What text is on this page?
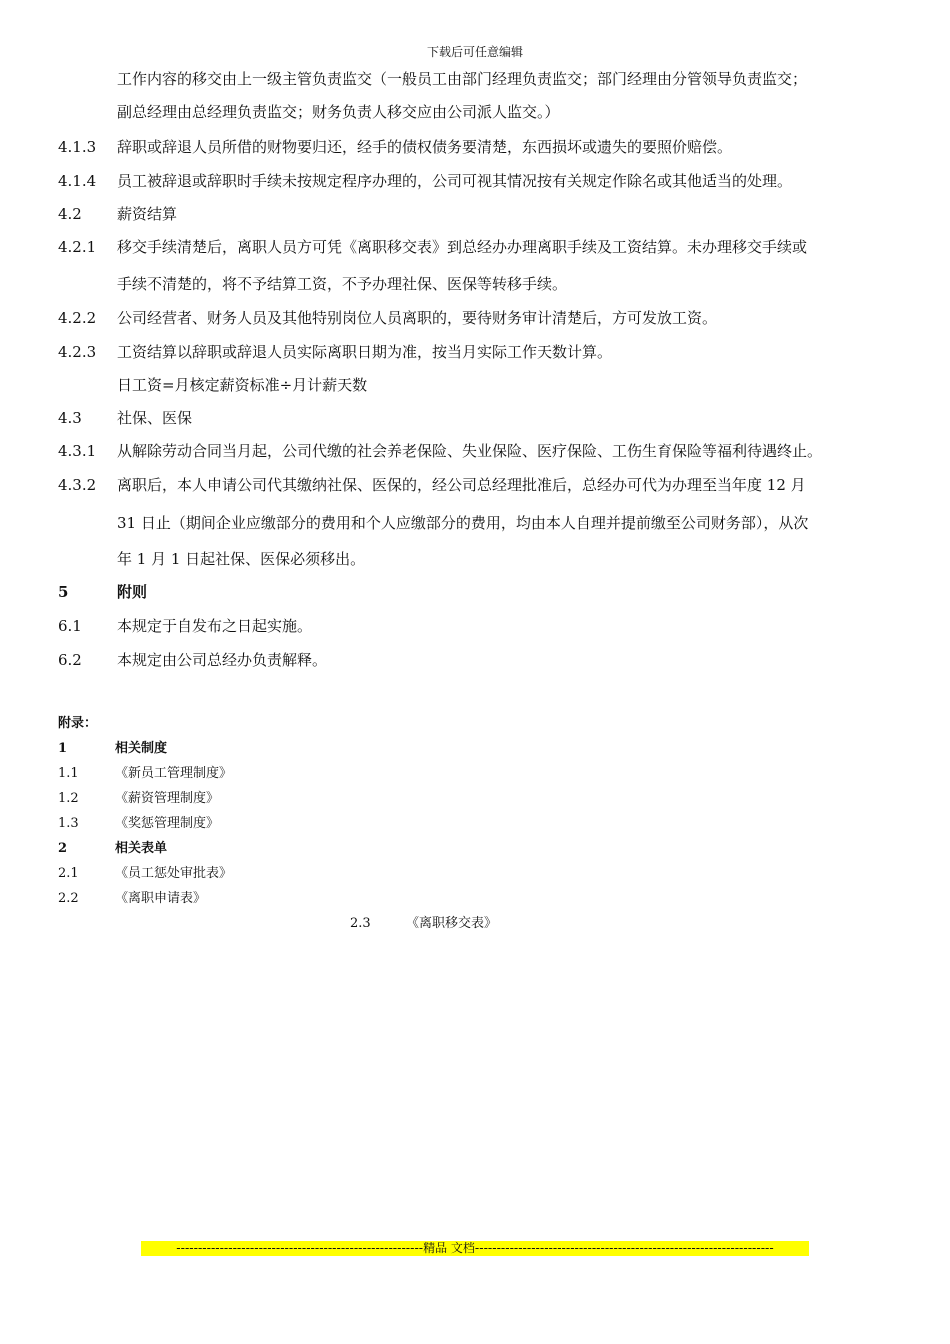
下载后可任意编辑
工作内容的移交由上一级主管负责监交（一般员工由部门经理负责监交；部门经理由分管领导负责监交；
副总经理由总经理负责监交；财务负责人移交应由公司派人监交。）
4.1.3 辞职或辞退人员所借的财物要归还，经手的债权债务要清楚，东西损坏或遗失的要照价赔偿。
4.1.4 员工被辞退或辞职时手续未按规定程序办理的，公司可视其情况按有关规定作除名或其他适当的处理。
4.2 薪资结算
4.2.1 移交手续清楚后，离职人员方可凭《离职移交表》到总经办办理离职手续及工资结算。未办理移交手续或
手续不清楚的，将不予结算工资，不予办理社保、医保等转移手续。
4.2.2 公司经营者、财务人员及其他特别岗位人员离职的，要待财务审计清楚后，方可发放工资。
4.2.3 工资结算以辞职或辞退人员实际离职日期为准，按当月实际工作天数计算。
日工资=月核定薪资标准÷月计薪天数
4.3 社保、医保
4.3.1 从解除劳动合同当月起，公司代缴的社会养老保险、失业保险、医疗保险、工伤生育保险等福利待遇终止。
4.3.2 离职后，本人申请公司代其缴纳社保、医保的，经公司总经理批准后，总经办可代为办理至当年度 12 月
31 日止（期间企业应缴部分的费用和个人应缴部分的费用，均由本人自理并提前缴至公司财务部），从次
年 1 月 1 日起社保、医保必须移出。
5	附则
6.1 本规定于自发布之日起实施。
6.2 本规定由公司总经办负责解释。
附录：
1	相关制度
1.1	《新员工管理制度》
1.2	《薪资管理制度》
1.3	《奖惩管理制度》
2	相关表单
2.1	《员工惩处审批表》
2.2	《离职申请表》
2.3	《离职移交表》
---------------------------------------------------------精品 文档---------------------------------------------------------------------
